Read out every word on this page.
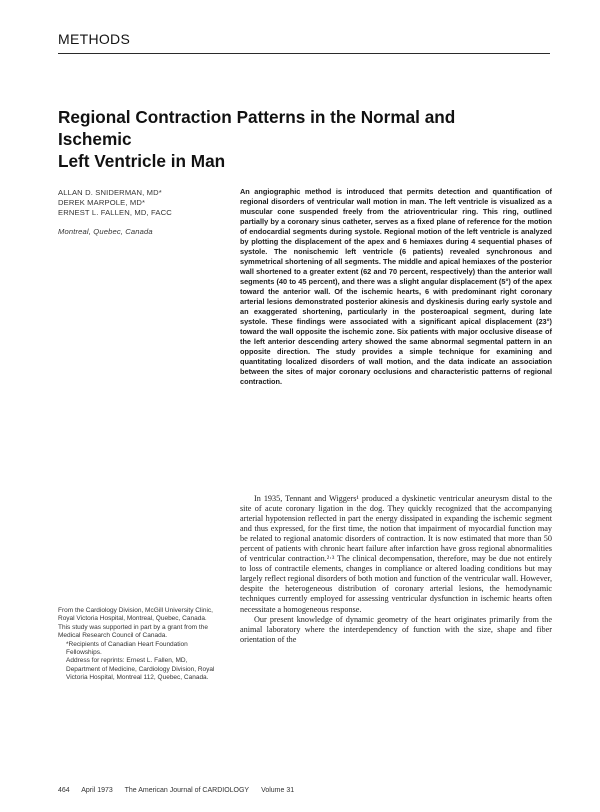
METHODS
Regional Contraction Patterns in the Normal and Ischemic
Left Ventricle in Man
ALLAN D. SNIDERMAN, MD*
DEREK MARPOLE, MD*
ERNEST L. FALLEN, MD, FACC
Montreal, Quebec, Canada
An angiographic method is introduced that permits detection and quantification of regional disorders of ventricular wall motion in man. The left ventricle is visualized as a muscular cone suspended freely from the atrioventricular ring. This ring, outlined partially by a coronary sinus catheter, serves as a fixed plane of reference for the motion of endocardial segments during systole. Regional motion of the left ventricle is analyzed by plotting the displacement of the apex and 6 hemiaxes during 4 sequential phases of systole. The nonischemic left ventricle (6 patients) revealed synchronous and symmetrical shortening of all segments. The middle and apical hemiaxes of the posterior wall shortened to a greater extent (62 and 70 percent, respectively) than the anterior wall segments (40 to 45 percent), and there was a slight angular displacement (5°) of the apex toward the anterior wall. Of the ischemic hearts, 6 with predominant right coronary arterial lesions demonstrated posterior akinesis and dyskinesis during early systole and an exaggerated shortening, particularly in the posteroapical segment, during late systole. These findings were associated with a significant apical displacement (23°) toward the wall opposite the ischemic zone. Six patients with major occlusive disease of the left anterior descending artery showed the same abnormal segmental pattern in an opposite direction. The study provides a simple technique for examining and quantitating localized disorders of wall motion, and the data indicate an association between the sites of major coronary occlusions and characteristic patterns of regional contraction.

In 1935, Tennant and Wiggers¹ produced a dyskinetic ventricular aneurysm distal to the site of acute coronary ligation in the dog. They quickly recognized that the accompanying arterial hypotension reflected in part the energy dissipated in expanding the ischemic segment and thus expressed, for the first time, the notion that impairment of myocardial function may be related to regional anatomic disorders of contraction. It is now estimated that more than 50 percent of patients with chronic heart failure after infarction have gross regional abnormalities of ventricular contraction.²·³ The clinical decompensation, therefore, may be due not entirely to loss of contractile elements, changes in compliance or altered loading conditions but may largely reflect regional disorders of both motion and function of the ventricular wall. However, despite the heterogeneous distribution of coronary arterial lesions, the hemodynamic techniques currently employed for assessing ventricular dysfunction in ischemic hearts often necessitate a homogeneous response.

Our present knowledge of dynamic geometry of the heart originates primarily from the animal laboratory where the interdependency of function with the size, shape and fiber orientation of the

From the Cardiology Division, McGill University Clinic, Royal Victoria Hospital, Montreal, Quebec, Canada. This study was supported in part by a grant from the Medical Research Council of Canada.

*Recipients of Canadian Heart Foundation Fellowships.

Address for reprints: Ernest L. Fallen, MD, Department of Medicine, Cardiology Division, Royal Victoria Hospital, Montreal 112, Quebec, Canada.

464 April 1973 The American Journal of CARDIOLOGY Volume 31
